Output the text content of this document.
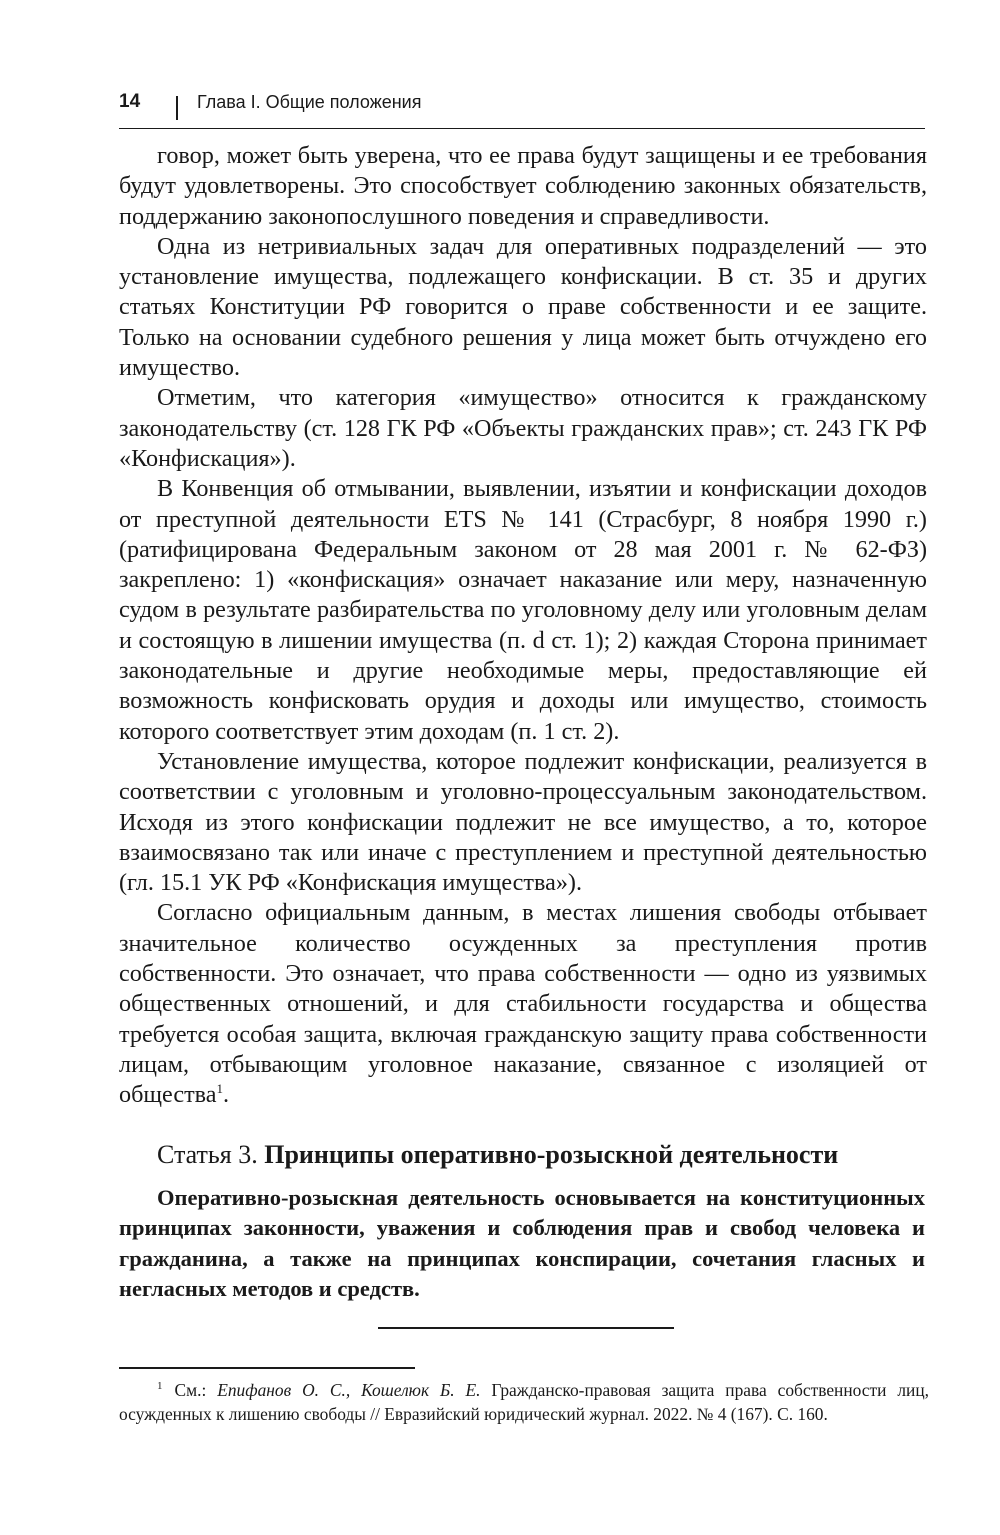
14	Глава I. Общие положения

говор, может быть уверена, что ее права будут защищены и ее требования будут удовлетворены. Это способствует соблюдению законных обязательств, поддержанию законопослушного поведения и справедливости.

Одна из нетривиальных задач для оперативных подразделений — это установление имущества, подлежащего конфискации. В ст. 35 и других статьях Конституции РФ говорится о праве собственности и ее защите. Только на основании судебного решения у лица может быть отчуждено его имущество.

Отметим, что категория «имущество» относится к гражданскому законодательству (ст. 128 ГК РФ «Объекты гражданских прав»; ст. 243 ГК РФ «Конфискация»).

В Конвенция об отмывании, выявлении, изъятии и конфискации доходов от преступной деятельности ETS № 141 (Страсбург, 8 ноября 1990 г.) (ратифицирована Федеральным законом от 28 мая 2001 г. № 62-ФЗ) закреплено: 1) «конфискация» означает наказание или меру, назначенную судом в результате разбирательства по уголовному делу или уголовным делам и состоящую в лишении имущества (п. d ст. 1); 2) каждая Сторона принимает законодательные и другие необходимые меры, предоставляющие ей возможность конфисковать орудия и доходы или имущество, стоимость которого соответствует этим доходам (п. 1 ст. 2).

Установление имущества, которое подлежит конфискации, реализуется в соответствии с уголовным и уголовно-процессуальным законодательством. Исходя из этого конфискации подлежит не все имущество, а то, которое взаимосвязано так или иначе с преступлением и преступной деятельностью (гл. 15.1 УК РФ «Конфискация имущества»).

Согласно официальным данным, в местах лишения свободы отбывает значительное количество осужденных за преступления против собственности. Это означает, что права собственности — одно из уязвимых общественных отношений, и для стабильности государства и общества требуется особая защита, включая гражданскую защиту права собственности лицам, отбывающим уголовное наказание, связанное с изоляцией от общества$^1$.

Статья 3. Принципы оперативно-розыскной деятельности

Оперативно-розыскная деятельность основывается на конституционных принципах законности, уважения и соблюдения прав и свобод человека и гражданина, а также на принципах конспирации, сочетания гласных и негласных методов и средств.

$^1$ См.: Епифанов О. С., Кошелюк Б. Е. Гражданско-правовая защита права собственности лиц, осужденных к лишению свободы // Евразийский юридический журнал. 2022. № 4 (167). С. 160.
